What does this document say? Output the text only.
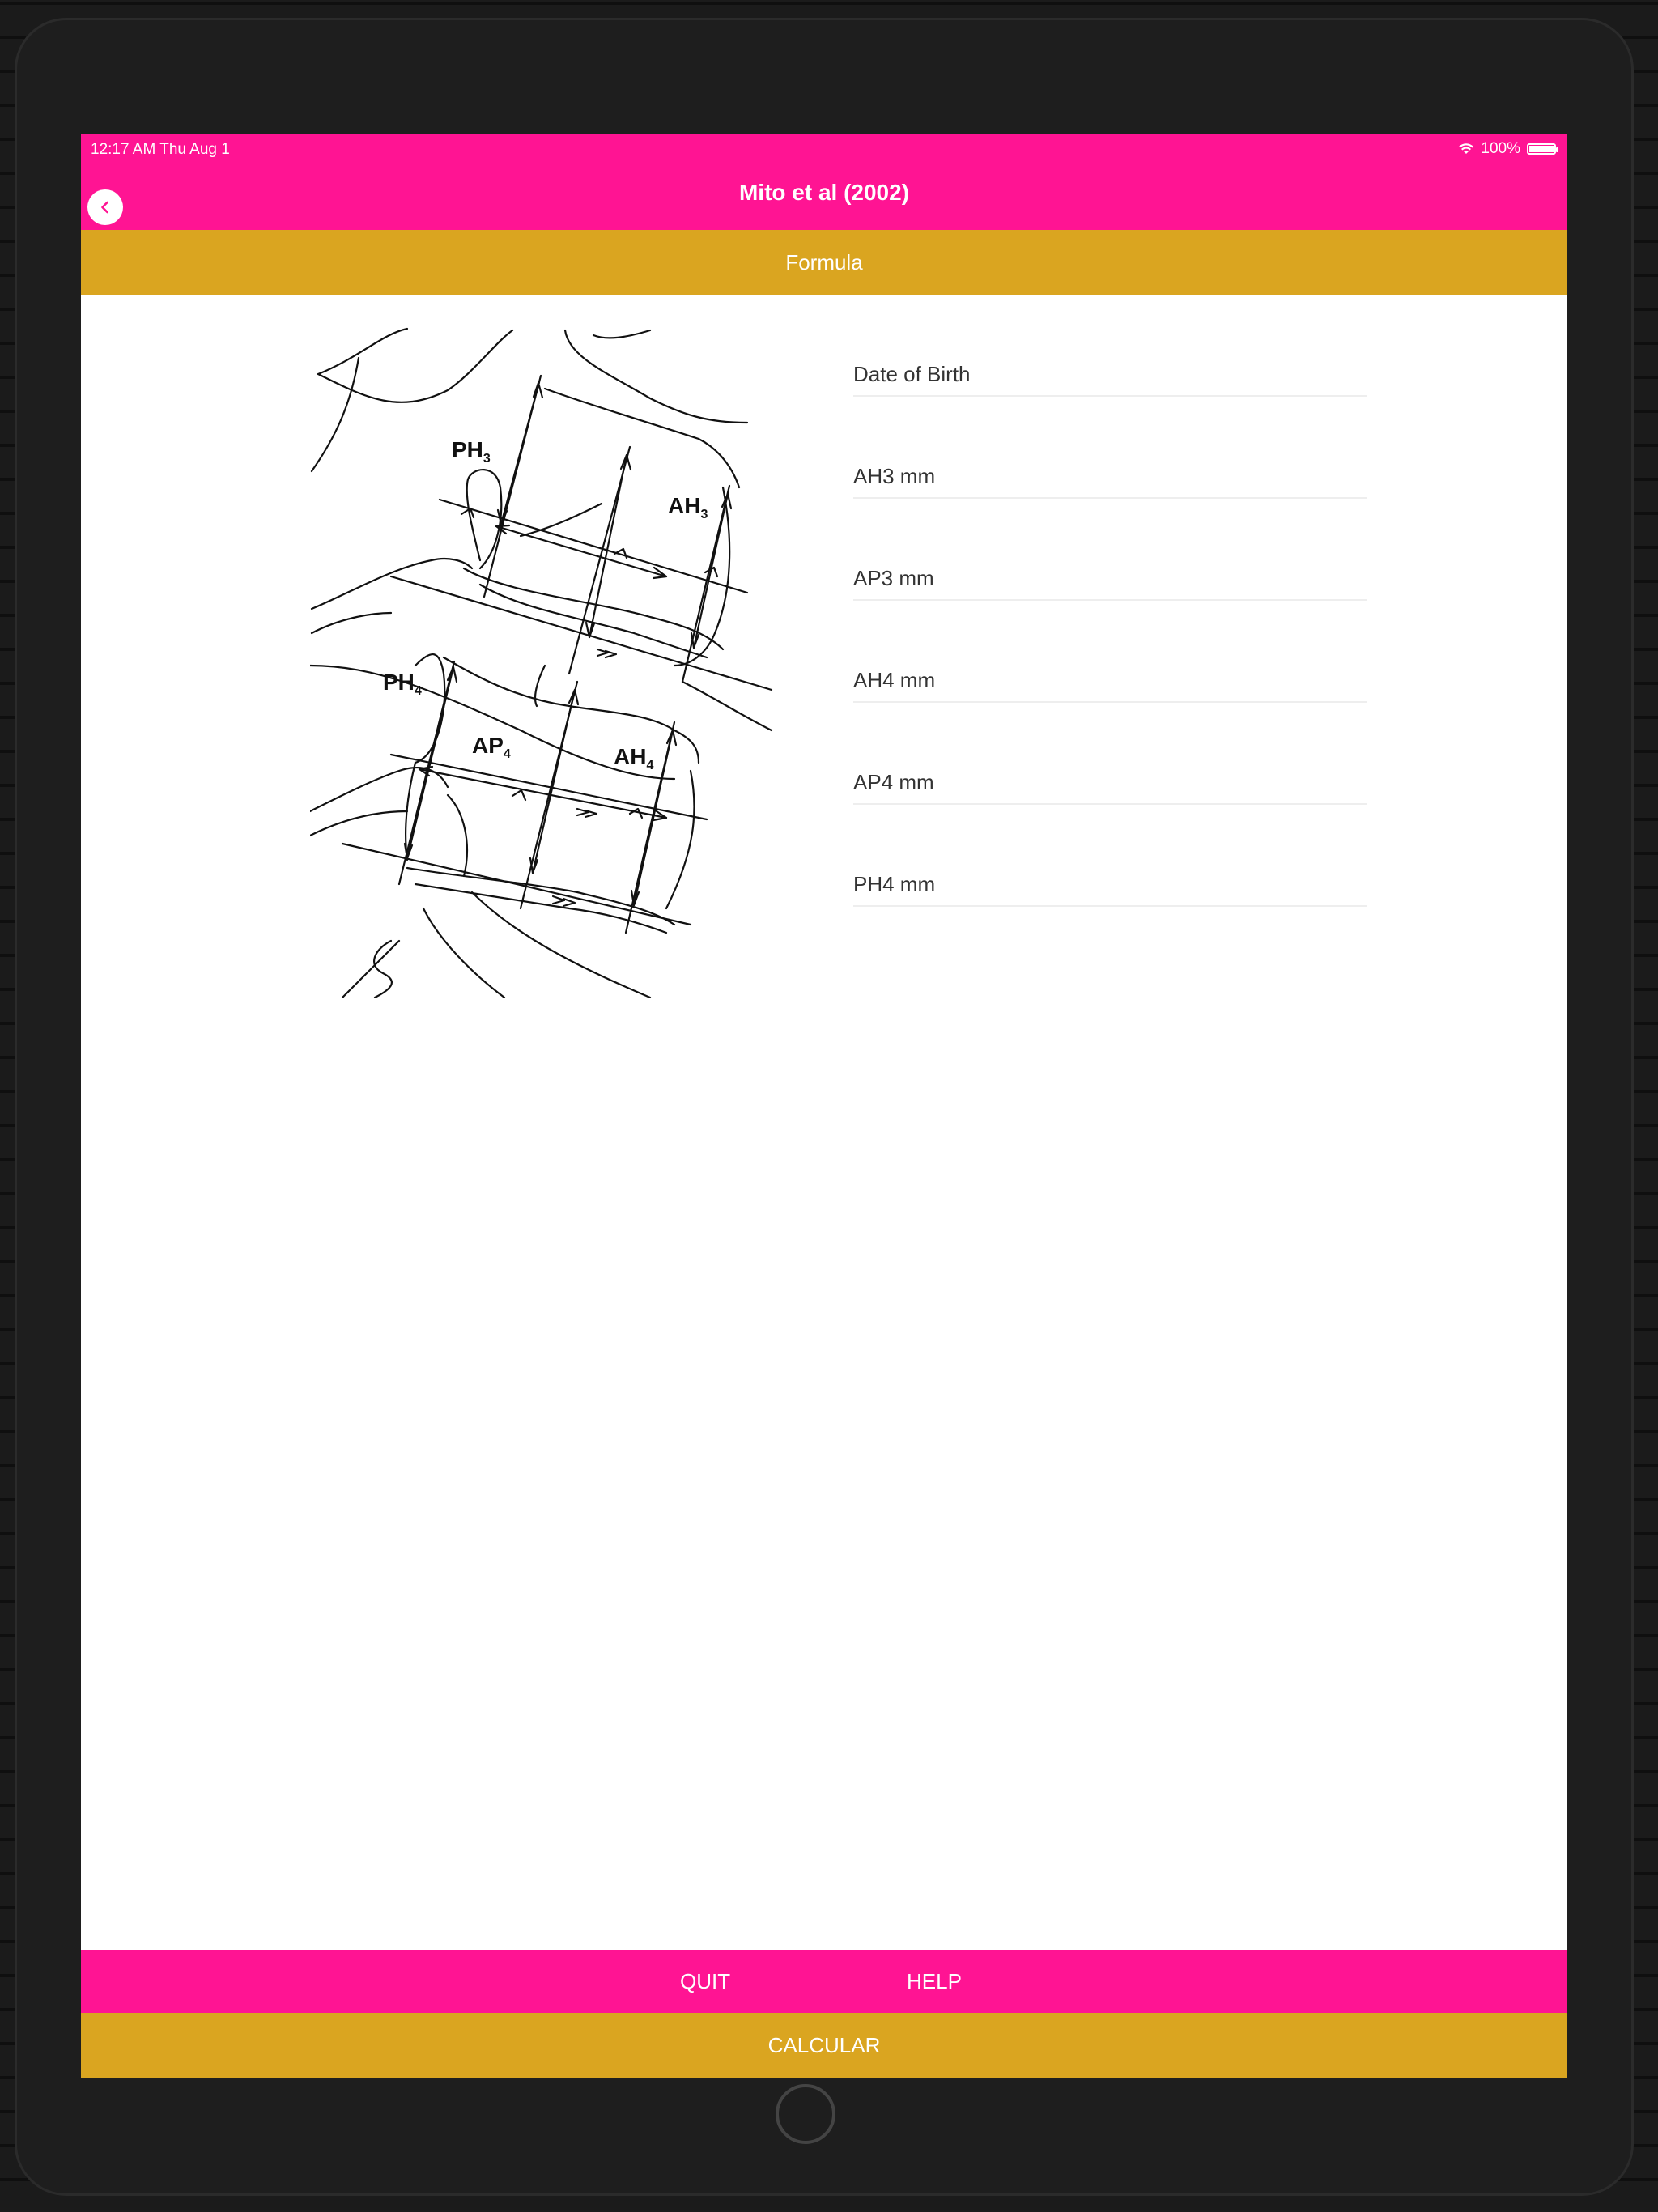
12:17 AM Thu Aug 1	100%
Mito et al (2002)
Formula
$PH_3$
$AH_3$
$PH_4$
$AP_4$	$AH_4$
Date of Birth
AH3 mm
AP3 mm
AH4 mm
AP4 mm
PH4 mm
QUIT	HELP
CALCULAR
